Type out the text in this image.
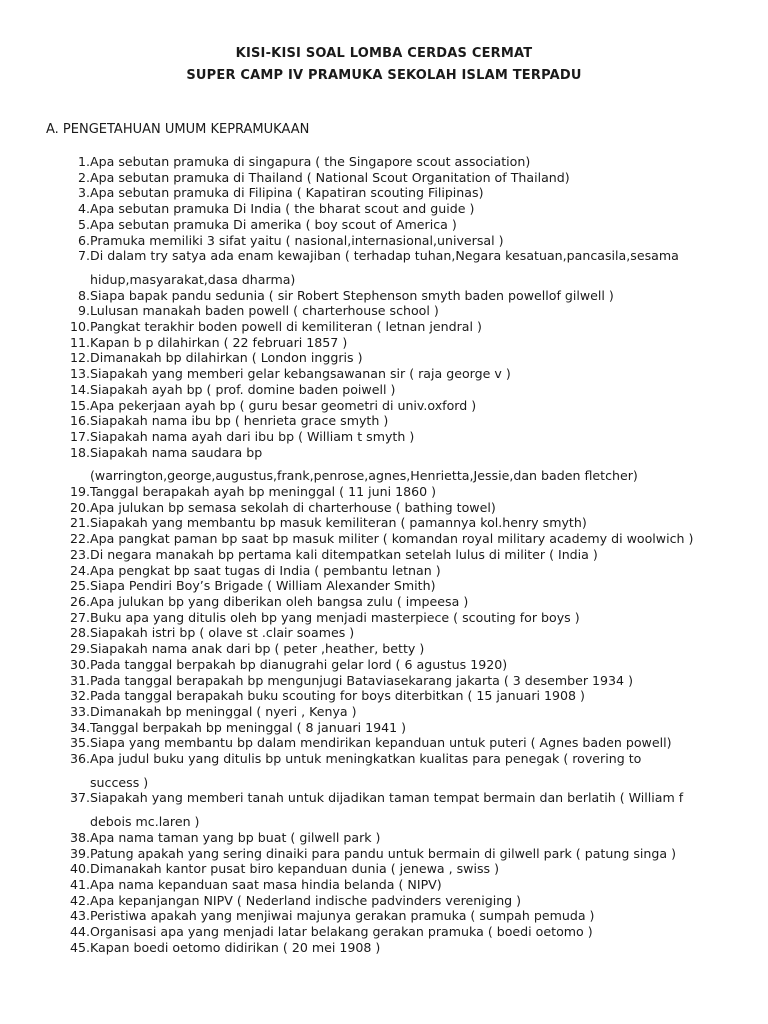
KISI-KISI SOAL LOMBA CERDAS CERMAT
SUPER CAMP IV PRAMUKA SEKOLAH ISLAM TERPADU
A. PENGETAHUAN UMUM KEPRAMUKAAN
1 . Apa sebutan pramuka di singapura ( the Singapore scout association)
2 . Apa sebutan pramuka di Thailand ( National Scout Organitation of Thailand)
3 . Apa sebutan pramuka di Filipina ( Kapatiran scouting Filipinas)
4 . Apa sebutan pramuka Di India ( the bharat scout and guide )
5 . Apa sebutan pramuka Di amerika ( boy scout of America )
6 . Pramuka memiliki 3 sifat yaitu ( nasional,internasional,universal )
7 . Di dalam try satya ada enam kewajiban ( terhadap tuhan,Negara kesatuan,pancasila,sesama
hidup,masyarakat,dasa dharma)
8 . Siapa bapak pandu sedunia ( sir Robert Stephenson smyth baden powellof gilwell )
9 . Lulusan manakah baden powell ( charterhouse school )
10 . Pangkat terakhir boden powell di kemiliteran ( letnan jendral )
11 . Kapan b p dilahirkan ( 22 februari 1857 )
12 . Dimanakah bp dilahirkan ( London inggris )
13 . Siapakah yang memberi gelar kebangsawanan sir ( raja george v )
14 . Siapakah ayah bp ( prof. domine baden poiwell )
15 . Apa pekerjaan ayah bp ( guru besar geometri di univ.oxford )
16 . Siapakah nama ibu bp ( henrieta grace smyth )
17 . Siapakah nama ayah dari ibu bp ( William t smyth )
18 . Siapakah nama saudara bp
(warrington,george,augustus,frank,penrose,agnes,Henrietta,Jessie,dan baden fletcher)
19 . Tanggal berapakah ayah bp meninggal ( 11 juni 1860 )
20 . Apa julukan bp semasa sekolah di charterhouse ( bathing towel)
21 . Siapakah yang membantu bp masuk kemiliteran ( pamannya kol.henry smyth)
22 . Apa pangkat paman bp saat bp masuk militer ( komandan royal military academy di woolwich )
23 . Di negara manakah bp pertama kali ditempatkan setelah lulus di militer ( India )
24 . Apa pengkat bp saat tugas di India ( pembantu letnan )
25 . Siapa Pendiri Boy’s Brigade ( William Alexander Smith)
26 . Apa julukan bp yang diberikan oleh bangsa zulu ( impeesa )
27 . Buku apa yang ditulis oleh bp yang menjadi masterpiece ( scouting for boys )
28 . Siapakah istri bp ( olave st .clair soames )
29 . Siapakah nama anak dari bp ( peter ,heather, betty )
30 . Pada tanggal berpakah bp dianugrahi gelar lord ( 6 agustus 1920)
31 . Pada tanggal berapakah bp mengunjugi Bataviasekarang jakarta ( 3 desember 1934 )
32 . Pada tanggal berapakah buku scouting for boys diterbitkan ( 15 januari 1908 )
33 . Dimanakah bp meninggal ( nyeri , Kenya )
34 . Tanggal berpakah bp meninggal ( 8 januari 1941 )
35 . Siapa yang membantu bp dalam mendirikan kepanduan untuk puteri ( Agnes baden powell)
36 . Apa judul buku yang ditulis bp untuk meningkatkan kualitas para penegak ( rovering to
success )
37 . Siapakah yang memberi tanah untuk dijadikan taman tempat bermain dan berlatih ( William f
debois mc.laren )
38 . Apa nama taman yang bp buat ( gilwell park )
39 . Patung apakah yang sering dinaiki para pandu untuk bermain di gilwell park ( patung singa )
40 . Dimanakah kantor pusat biro kepanduan dunia ( jenewa , swiss )
41 . Apa nama kepanduan saat masa hindia belanda ( NIPV)
42 . Apa kepanjangan NIPV ( Nederland indische padvinders vereniging )
43 . Peristiwa apakah yang menjiwai majunya gerakan pramuka ( sumpah pemuda )
44 . Organisasi apa yang menjadi latar belakang gerakan pramuka ( boedi oetomo )
45 . Kapan boedi oetomo didirikan ( 20 mei 1908 )
